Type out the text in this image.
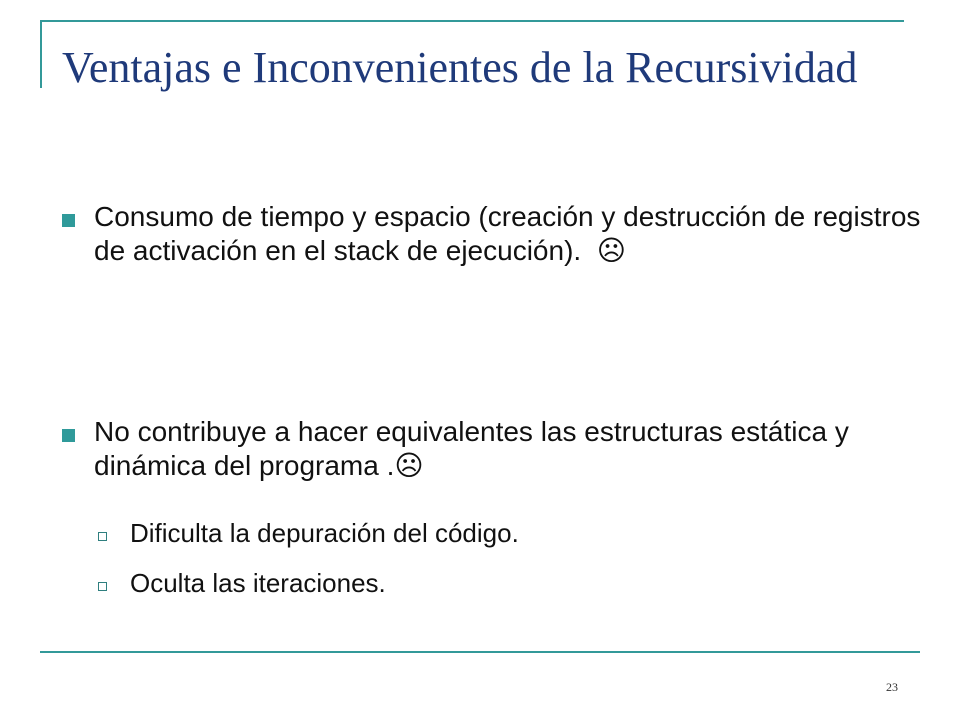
Ventajas e Inconvenientes de la Recursividad
Consumo de tiempo y espacio (creación y destrucción de registros de activación en el stack de ejecución). ☹
No contribuye a hacer equivalentes las estructuras estática y dinámica del programa .☹
Dificulta la depuración del código.
Oculta las iteraciones.
23
